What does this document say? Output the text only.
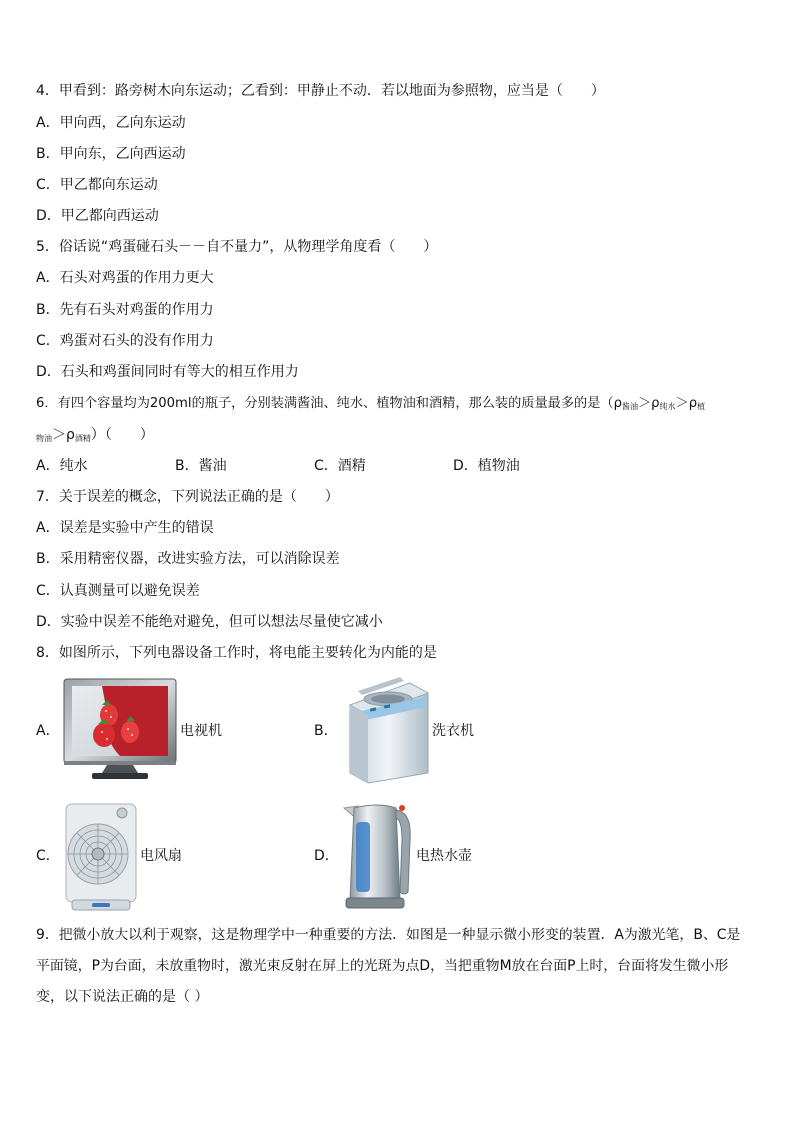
4．甲看到：路旁树木向东运动；乙看到：甲静止不动．若以地面为参照物，应当是（　　）
A．甲向西，乙向东运动
B．甲向东，乙向西运动
C．甲乙都向东运动
D．甲乙都向西运动
5．俗话说“鸡蛋碰石头－－自不量力”，从物理学角度看（　　）
A．石头对鸡蛋的作用力更大
B．先有石头对鸡蛋的作用力
C．鸡蛋对石头的没有作用力
D．石头和鸡蛋间同时有等大的相互作用力
6．有四个容量均为200ml的瓶子，分别装满酱油、纯水、植物油和酒精，那么装的质量最多的是（$\rho_{酱油}>\rho_{纯水}>\rho_植$
$_{物油}>\rho_{酒精}$）（　　）
A．纯水	B．酱油	C．酒精	D．植物油
7．关于误差的概念，下列说法正确的是（　　）
A．误差是实验中产生的错误
B．采用精密仪器，改进实验方法，可以消除误差
C．认真测量可以避免误差
D．实验中误差不能绝对避免，但可以想法尽量使它减小
8．如图所示，下列电器设备工作时，将电能主要转化为内能的是
A．	电视机	B．	洗衣机
C．	电风扇	D．	电热水壶
9．把微小放大以利于观察，这是物理学中一种重要的方法．如图是一种显示微小形变的装置．A为激光笔，B、C是
平面镜，P为台面，未放重物时，激光束反射在屏上的光斑为点D，当把重物M放在台面P上时，台面将发生微小形
变，以下说法正确的是（ ）
